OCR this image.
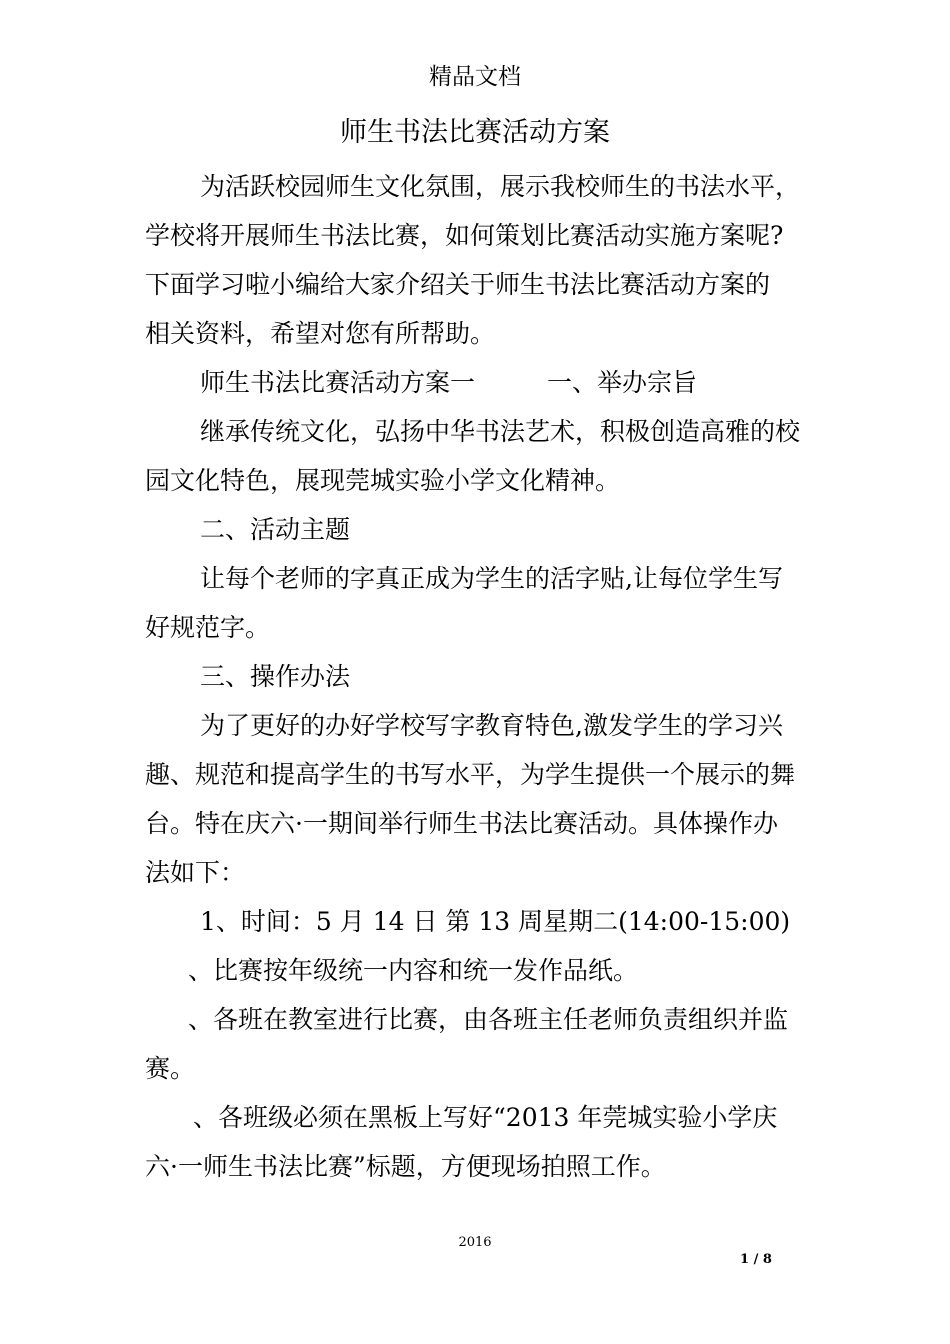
精品文档
师生书法比赛活动方案

为活跃校园师生文化氛围，展示我校师生的书法水平，

学校将开展师生书法比赛，如何策划比赛活动实施方案呢?

下面学习啦小编给大家介绍关于师生书法比赛活动方案的

相关资料，希望对您有所帮助。

师生书法比赛活动方案一	一、举办宗旨

继承传统文化，弘扬中华书法艺术，积极创造高雅的校

园文化特色，展现莞城实验小学文化精神。

二、活动主题

让每个老师的字真正成为学生的活字贴,让每位学生写

好规范字。

三、操作办法

为了更好的办好学校写字教育特色,激发学生的学习兴

趣、规范和提高学生的书写水平，为学生提供一个展示的舞

台。特在庆六·一期间举行师生书法比赛活动。具体操作办

法如下：

1、时间：5 月 14 日 第 13 周星期二(14:00-15:00)

、比赛按年级统一内容和统一发作品纸。

、各班在教室进行比赛，由各班主任老师负责组织并监

赛。

、各班级必须在黑板上写好“2013 年莞城实验小学庆

六·一师生书法比赛”标题，方便现场拍照工作。

2016
1 / 8
